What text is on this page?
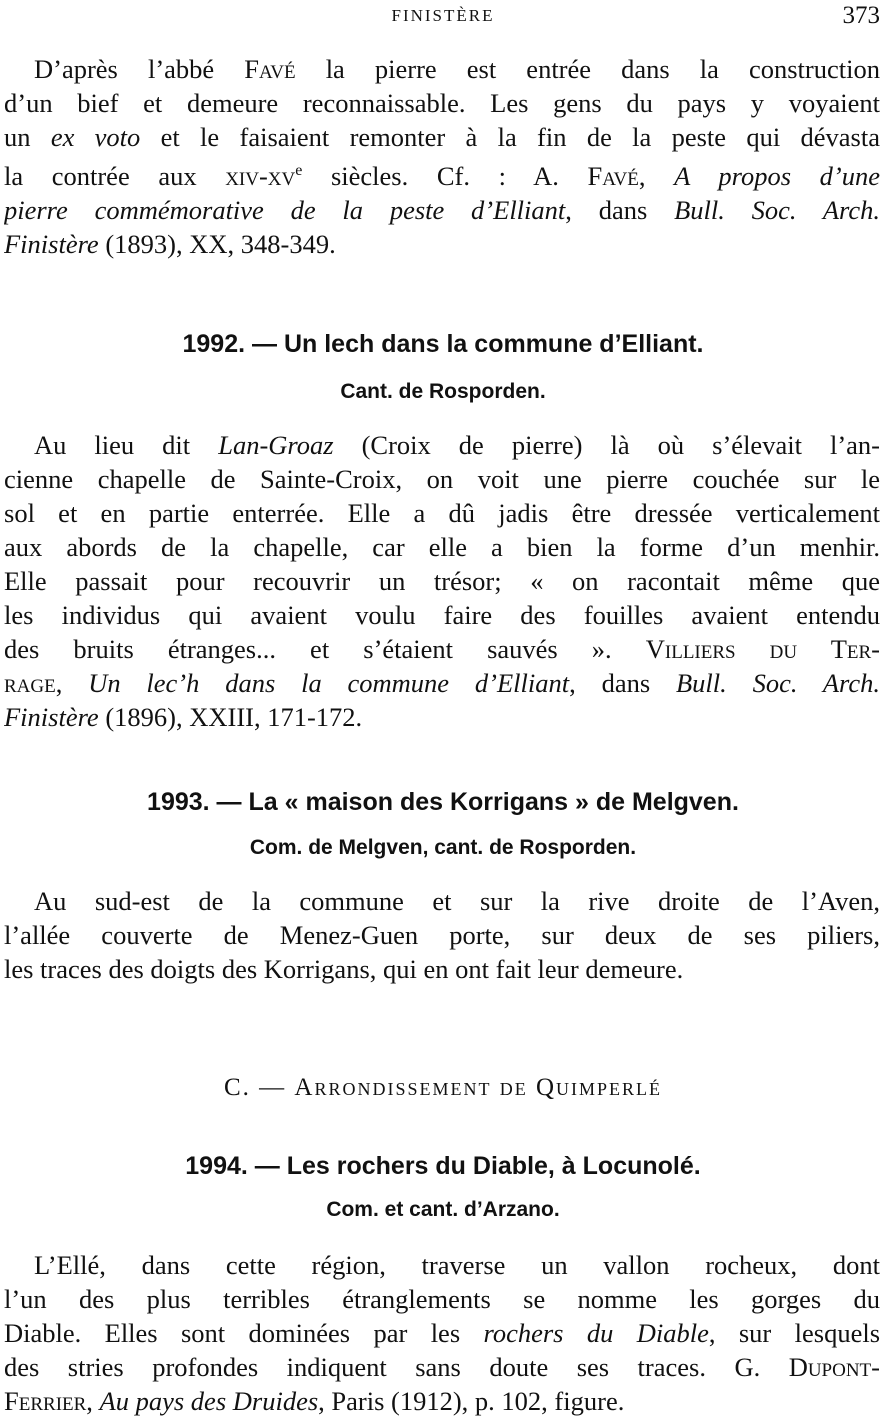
FINISTÈRE	373
D’après l’abbé Favé la pierre est entrée dans la construction
d’un bief et demeure reconnaissable. Les gens du pays y voyaient
un ex voto et le faisaient remonter à la fin de la peste qui dévasta
la contrée aux xiv-$xv^e$ siècles. Cf. : A. Favé, A propos d’une
pierre commémorative de la peste d’Elliant, dans Bull. Soc. Arch.
Finistère (1893), XX, 348-349.
1992. — Un lech dans la commune d’Elliant.
Cant. de Rosporden.
Au lieu dit Lan-Groaz (Croix de pierre) là où s’élevait l’an-
cienne chapelle de Sainte-Croix, on voit une pierre couchée sur le
sol et en partie enterrée. Elle a dû jadis être dressée verticalement
aux abords de la chapelle, car elle a bien la forme d’un menhir.
Elle passait pour recouvrir un trésor; « on racontait même que
les individus qui avaient voulu faire des fouilles avaient entendu
des bruits étranges... et s’étaient sauvés ». Villiers du Ter-
rage, Un lec’h dans la commune d’Elliant, dans Bull. Soc. Arch.
Finistère (1896), XXIII, 171-172.
1993. — La « maison des Korrigans » de Melgven.
Com. de Melgven, cant. de Rosporden.
Au sud-est de la commune et sur la rive droite de l’Aven,
l’allée couverte de Menez-Guen porte, sur deux de ses piliers,
les traces des doigts des Korrigans, qui en ont fait leur demeure.
C. — Arrondissement de Quimperlé
1994. — Les rochers du Diable, à Locunolé.
Com. et cant. d’Arzano.
L’Ellé, dans cette région, traverse un vallon rocheux, dont
l’un des plus terribles étranglements se nomme les gorges du
Diable. Elles sont dominées par les rochers du Diable, sur lesquels
des stries profondes indiquent sans doute ses traces. G. Dupont-
Ferrier, Au pays des Druides, Paris (1912), p. 102, figure.
